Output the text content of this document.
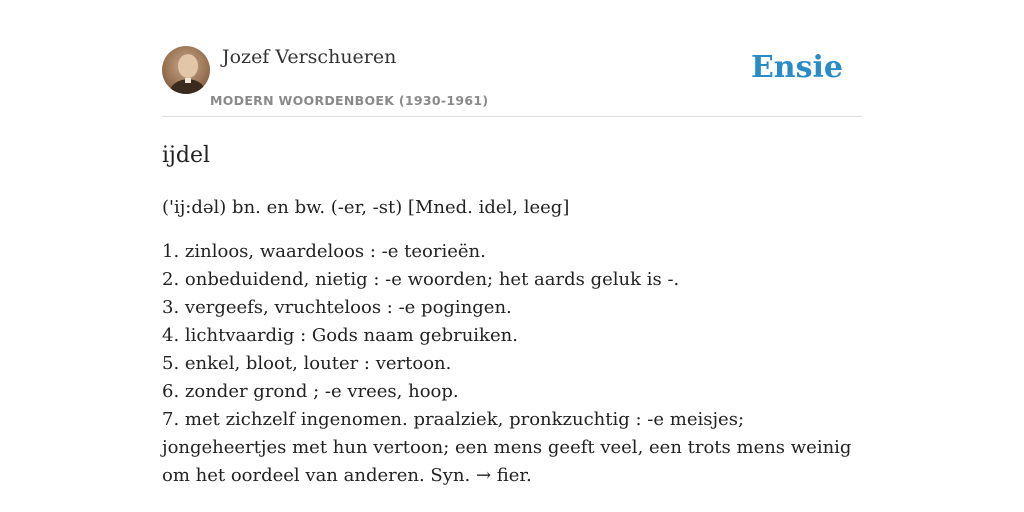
Jozef Verschueren
MODERN WOORDENBOEK (1930-1961)
Ensie
ijdel
('ij:dəl) bn. en bw. (-er, -st) [Mned. idel, leeg]
1. zinloos, waardeloos : -e teorieën.
2. onbeduidend, nietig : -e woorden; het aards geluk is -.
3. vergeefs, vruchteloos : -e pogingen.
4. lichtvaardig : Gods naam gebruiken.
5. enkel, bloot, louter : vertoon.
6. zonder grond ; -e vrees, hoop.
7. met zichzelf ingenomen. praalziek, pronkzuchtig : -e meisjes; jongeheertjes met hun vertoon; een mens geeft veel, een trots mens weinig om het oordeel van anderen. Syn. → fier.
